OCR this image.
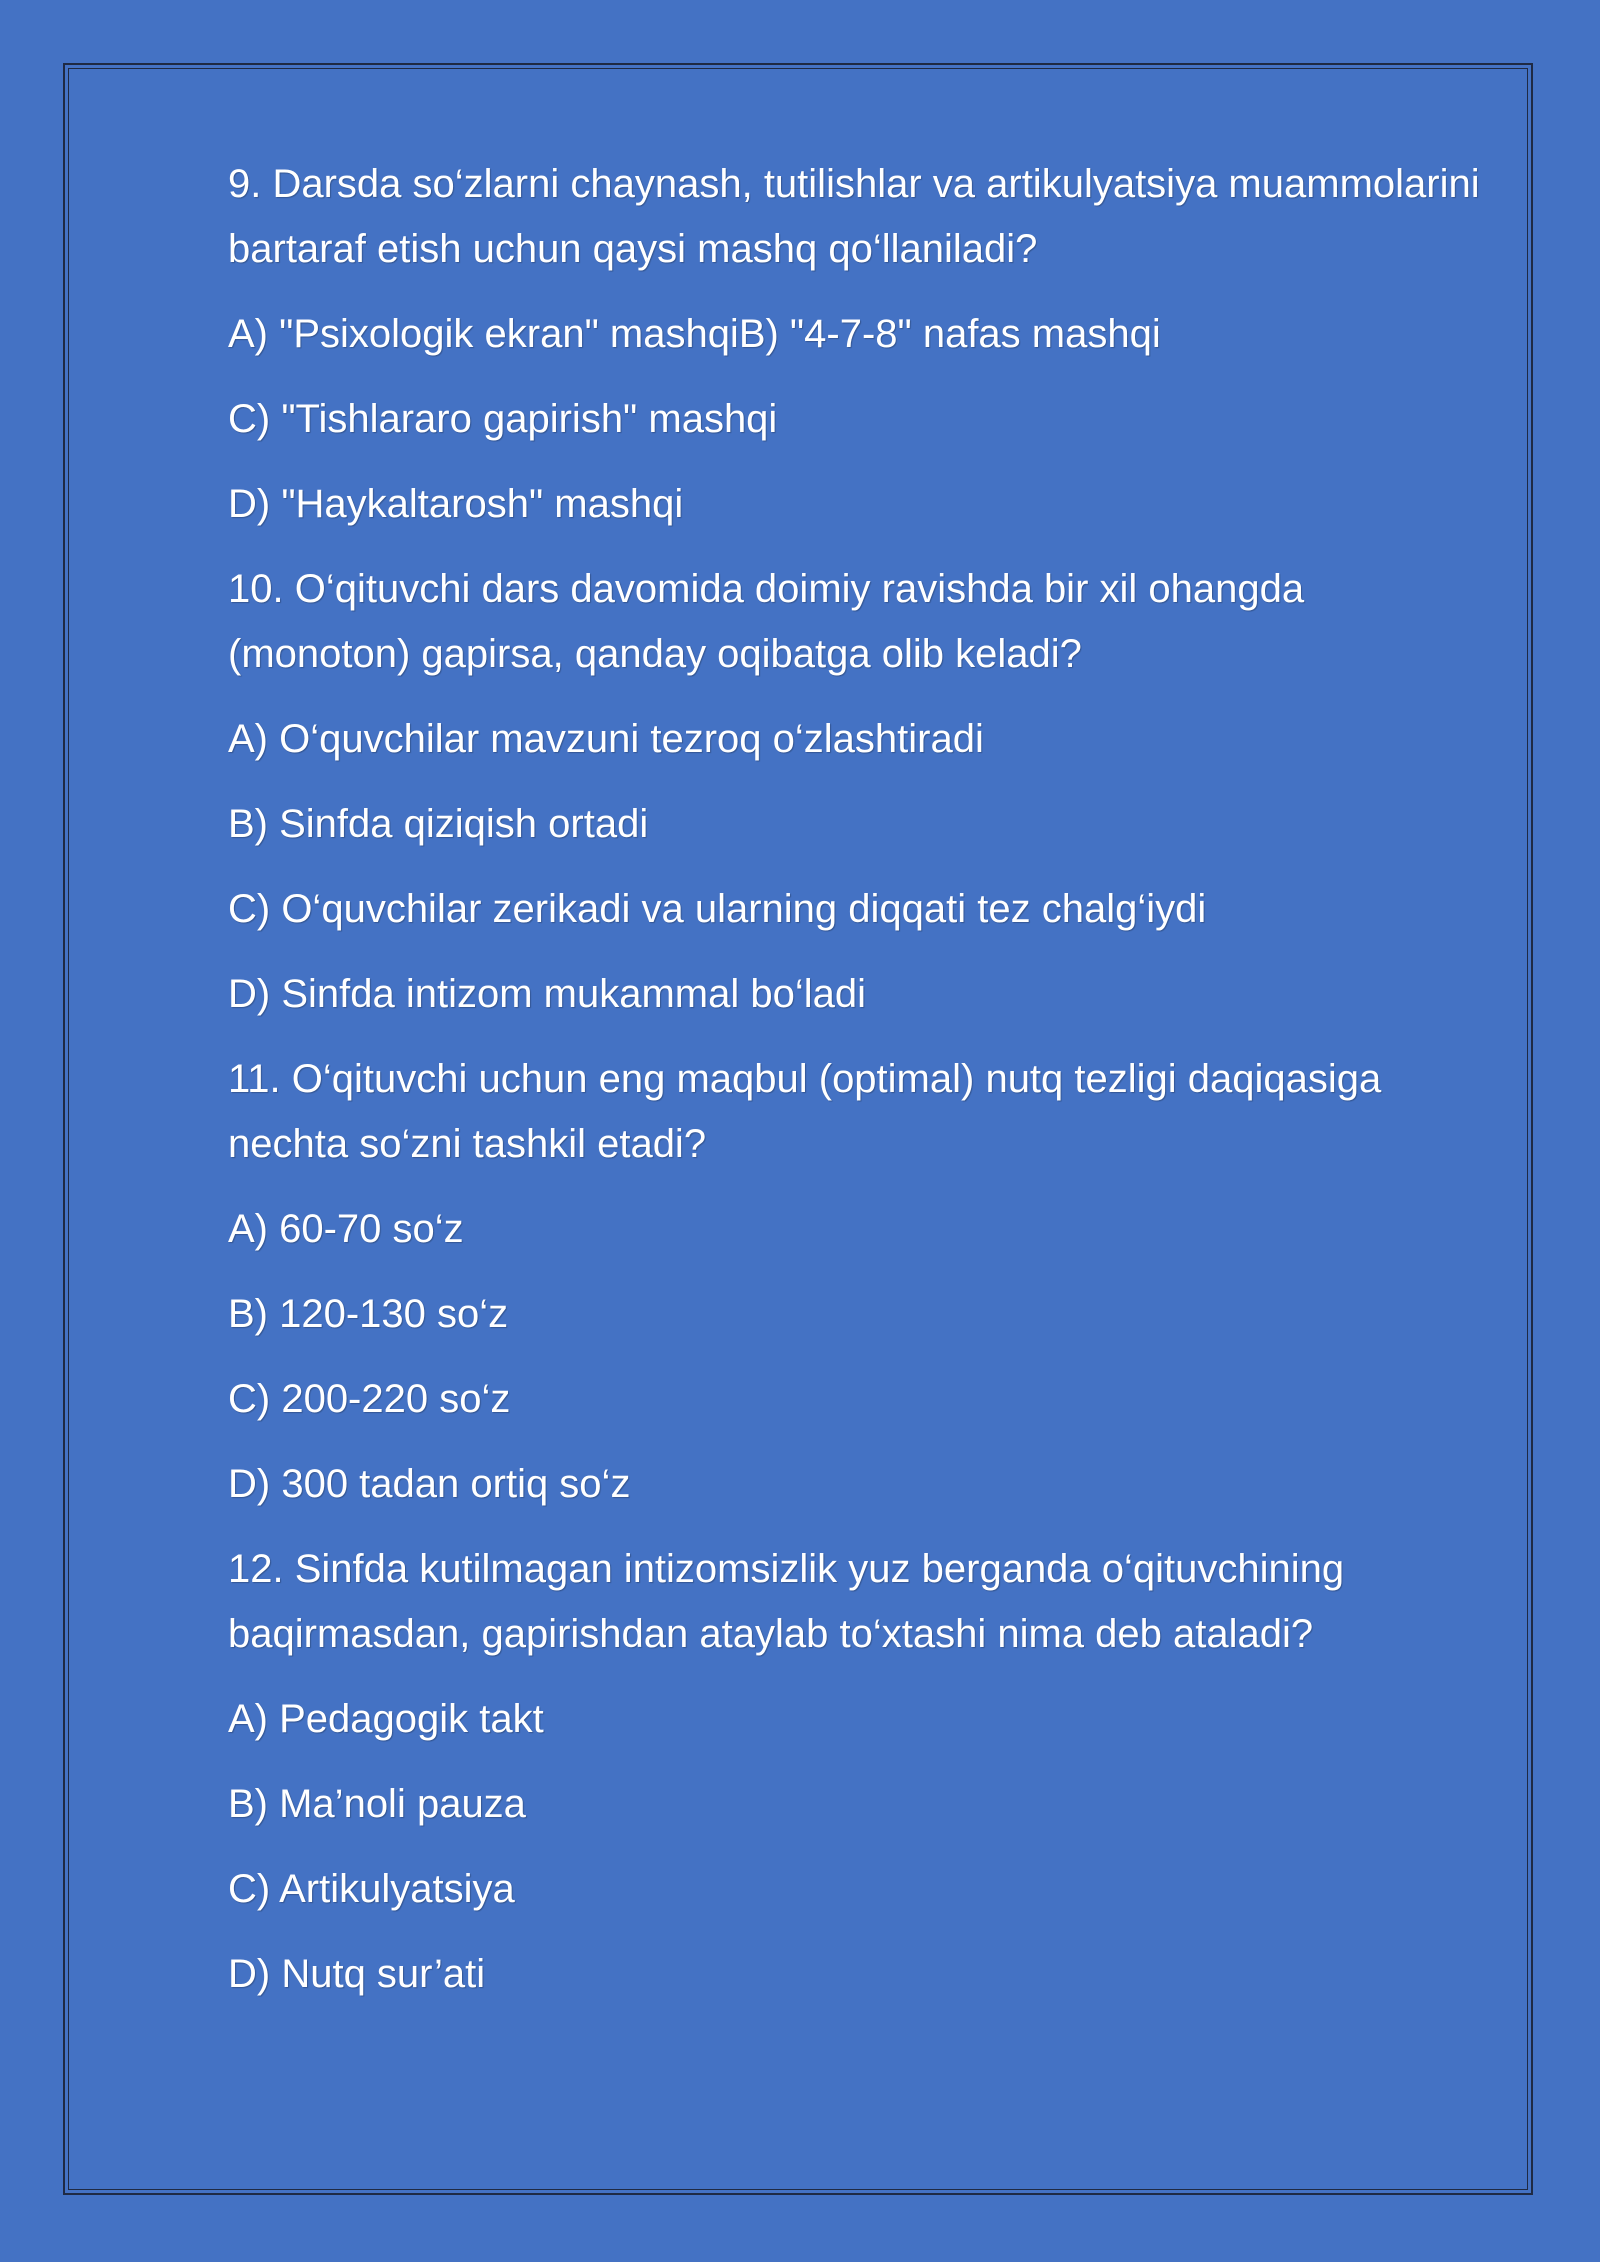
9. Darsda so‘zlarni chaynash, tutilishlar va artikulyatsiya muammolarini bartaraf etish uchun qaysi mashq qo‘llaniladi?

A) "Psixologik ekran" mashqiB) "4-7-8" nafas mashqi

C) "Tishlararo gapirish" mashqi

D) "Haykaltarosh" mashqi

10. O‘qituvchi dars davomida doimiy ravishda bir xil ohangda (monoton) gapirsa, qanday oqibatga olib keladi?

A) O‘quvchilar mavzuni tezroq o‘zlashtiradi

B) Sinfda qiziqish ortadi

C) O‘quvchilar zerikadi va ularning diqqati tez chalg‘iydi

D) Sinfda intizom mukammal bo‘ladi

11. O‘qituvchi uchun eng maqbul (optimal) nutq tezligi daqiqasiga nechta so‘zni tashkil etadi?

A) 60-70 so‘z

B) 120-130 so‘z

C) 200-220 so‘z

D) 300 tadan ortiq so‘z

12. Sinfda kutilmagan intizomsizlik yuz berganda o‘qituvchining baqirmasdan, gapirishdan ataylab to‘xtashi nima deb ataladi?

A) Pedagogik takt

B) Ma’noli pauza

C) Artikulyatsiya

D) Nutq sur’ati
